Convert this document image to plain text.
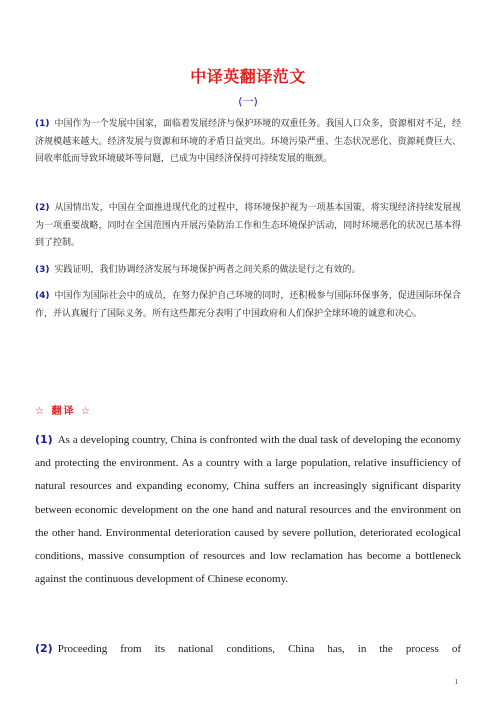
中译英翻译范文
(一)
(1) 中国作为一个发展中国家，面临着发展经济与保护环境的双重任务。我国人口众多，资源相对不足，经济规模越来越大。经济发展与资源和环境的矛盾日益突出。环境污染严重、生态状况恶化、资源耗费巨大、回收率低而导致环境破坏等问题，已成为中国经济保持可持续发展的瓶颈。
(2) 从国情出发，中国在全面推进现代化的过程中，将环境保护视为一项基本国策，将实现经济持续发展视为一项重要战略，同时在全国范围内开展污染防治工作和生态环境保护活动，同时环境恶化的状况已基本得到了控制。
(3) 实践证明，我们协调经济发展与环境保护两者之间关系的做法是行之有效的。
(4) 中国作为国际社会中的成员，在努力保护自己环境的同时，还积极参与国际环保事务，促进国际环保合作，并认真履行了国际义务。所有这些都充分表明了中国政府和人们保护全球环境的诚意和决心。
☆ 翻译 ☆
(1) As a developing country, China is confronted with the dual task of developing the economy and protecting the environment. As a country with a large population, relative insufficiency of natural resources and expanding economy, China suffers an increasingly significant disparity between economic development on the one hand and natural resources and the environment on the other hand. Environmental deterioration caused by severe pollution, deteriorated ecological conditions, massive consumption of resources and low reclamation has become a bottleneck against the continuous development of Chinese economy.
(2) Proceeding from its national conditions, China has, in the process of
1
